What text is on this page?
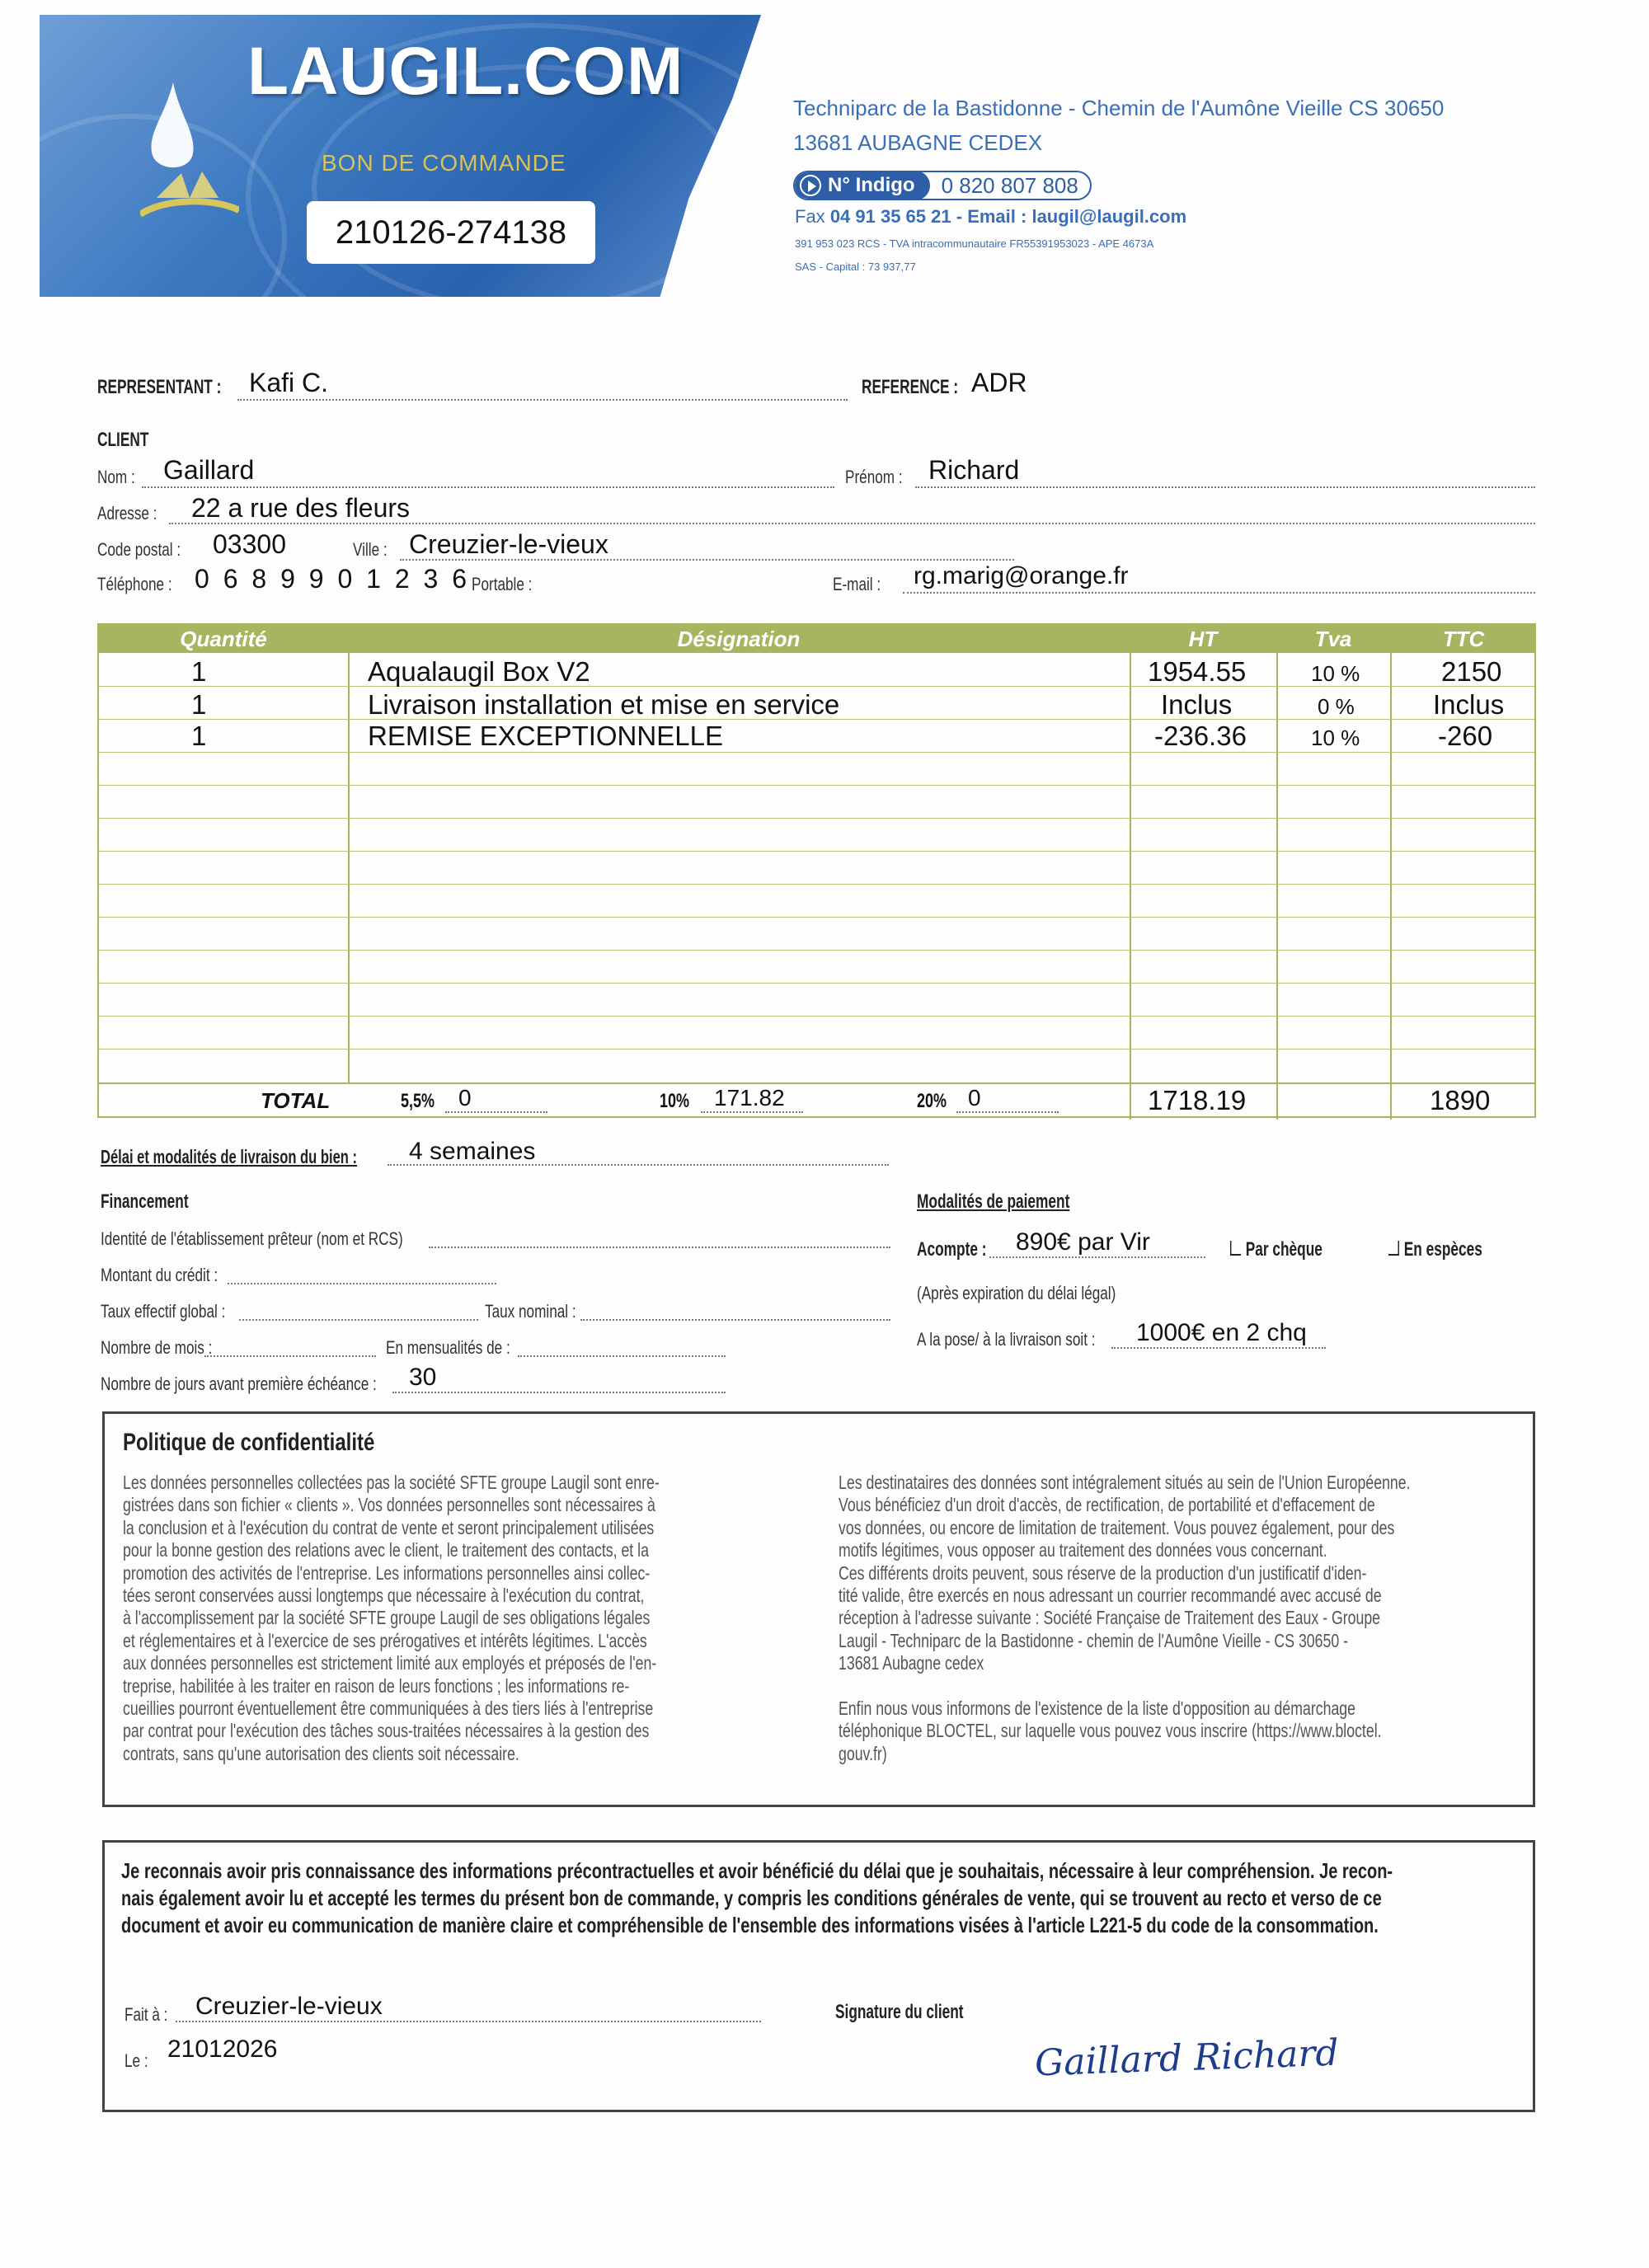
LAUGIL.COM
BON DE COMMANDE
210126-274138
Techniparc de la Bastidonne - Chemin de l'Aumône Vieille CS 30650
13681 AUBAGNE CEDEX
N° Indigo	0 820 807 808
Fax 04 91 35 65 21 - Email : laugil@laugil.com
391 953 023 RCS - TVA intracommunautaire FR55391953023 - APE 4673A
SAS - Capital : 73 937,77
REPRESENTANT : Kafi C.	REFERENCE : ADR
CLIENT
Nom : Gaillard	Prénom : Richard
Adresse : 22 a rue des fleurs
Code postal : 03300	Ville : Creuzier-le-vieux
Téléphone : 0 6 8 9 9 0 1 2 3 6 Portable :	E-mail : rg.marig@orange.fr
Quantité	Désignation	HT	Tva	TTC
1	Aqualaugil Box V2	1954.55	10 %	2150
1	Livraison installation et mise en service	Inclus	0 %	Inclus
1	REMISE EXCEPTIONNELLE	-236.36	10 %	-260
TOTAL	5,5% 0	10% 171.82	20% 0	1718.19	1890
Délai et modalités de livraison du bien : 4 semaines
Financement
Identité de l'établissement prêteur (nom et RCS)
Montant du crédit :
Taux effectif global :	Taux nominal :
Nombre de mois :	En mensualités de :
Nombre de jours avant première échéance : 30
Modalités de paiement
Acompte : 890€ par Vir	Par chèque	En espèces
(Après expiration du délai légal)
A la pose/ à la livraison soit : 1000€ en 2 chq
Politique de confidentialité
Les données personnelles collectées pas la société SFTE groupe Laugil sont enre-
gistrées dans son fichier « clients ». Vos données personnelles sont nécessaires à
la conclusion et à l'exécution du contrat de vente et seront principalement utilisées
pour la bonne gestion des relations avec le client, le traitement des contacts, et la
promotion des activités de l'entreprise. Les informations personnelles ainsi collec-
tées seront conservées aussi longtemps que nécessaire à l'exécution du contrat,
à l'accomplissement par la société SFTE groupe Laugil de ses obligations légales
et réglementaires et à l'exercice de ses prérogatives et intérêts légitimes. L'accès
aux données personnelles est strictement limité aux employés et préposés de l'en-
treprise, habilitée à les traiter en raison de leurs fonctions ; les informations re-
cueillies pourront éventuellement être communiquées à des tiers liés à l'entreprise
par contrat pour l'exécution des tâches sous-traitées nécessaires à la gestion des
contrats, sans qu'une autorisation des clients soit nécessaire.
Les destinataires des données sont intégralement situés au sein de l'Union Européenne.
Vous bénéficiez d'un droit d'accès, de rectification, de portabilité et d'effacement de
vos données, ou encore de limitation de traitement. Vous pouvez également, pour des
motifs légitimes, vous opposer au traitement des données vous concernant.
Ces différents droits peuvent, sous réserve de la production d'un justificatif d'iden-
tité valide, être exercés en nous adressant un courrier recommandé avec accusé de
réception à l'adresse suivante : Société Française de Traitement des Eaux - Groupe
Laugil - Techniparc de la Bastidonne - chemin de l'Aumône Vieille - CS 30650 -
13681 Aubagne cedex

Enfin nous vous informons de l'existence de la liste d'opposition au démarchage
téléphonique BLOCTEL, sur laquelle vous pouvez vous inscrire (https://www.bloctel.
gouv.fr)
Je reconnais avoir pris connaissance des informations précontractuelles et avoir bénéficié du délai que je souhaitais, nécessaire à leur compréhension. Je recon-
nais également avoir lu et accepté les termes du présent bon de commande, y compris les conditions générales de vente, qui se trouvent au recto et verso de ce
document et avoir eu communication de manière claire et compréhensible de l'ensemble des informations visées à l'article L221-5 du code de la consommation.
Fait à : Creuzier-le-vieux
Le : 21012026
Signature du client
Gaillard Richard
